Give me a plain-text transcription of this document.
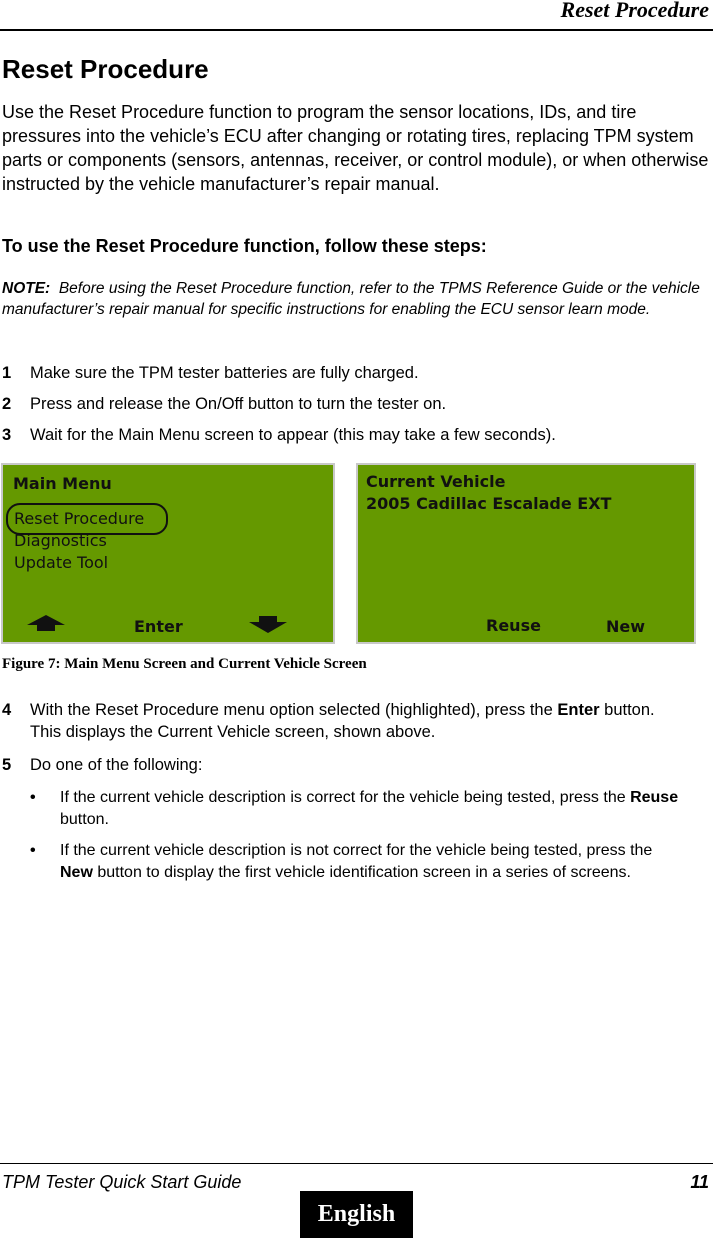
Reset Procedure
Reset Procedure

Use the Reset Procedure function to program the sensor locations, IDs, and tire pressures into the vehicle’s ECU after changing or rotating tires, replacing TPM system parts or components (sensors, antennas, receiver, or control module), or when otherwise instructed by the vehicle manufacturer’s repair manual.

To use the Reset Procedure function, follow these steps:

NOTE: Before using the Reset Procedure function, refer to the TPMS Reference Guide or the vehicle manufacturer’s repair manual for specific instructions for enabling the ECU sensor learn mode.

1 Make sure the TPM tester batteries are fully charged.
2 Press and release the On/Off button to turn the tester on.
3 Wait for the Main Menu screen to appear (this may take a few seconds).
Main Menu
Reset Procedure
Diagnostics
Update Tool
Enter
Current Vehicle
2005 Cadillac Escalade EXT
Reuse	New
Figure 7: Main Menu Screen and Current Vehicle Screen
4 With the Reset Procedure menu option selected (highlighted), press the Enter button. This displays the Current Vehicle screen, shown above.
5 Do one of the following:
• If the current vehicle description is correct for the vehicle being tested, press the Reuse button.
• If the current vehicle description is not correct for the vehicle being tested, press the New button to display the first vehicle identification screen in a series of screens.
TPM Tester Quick Start Guide	11
English
